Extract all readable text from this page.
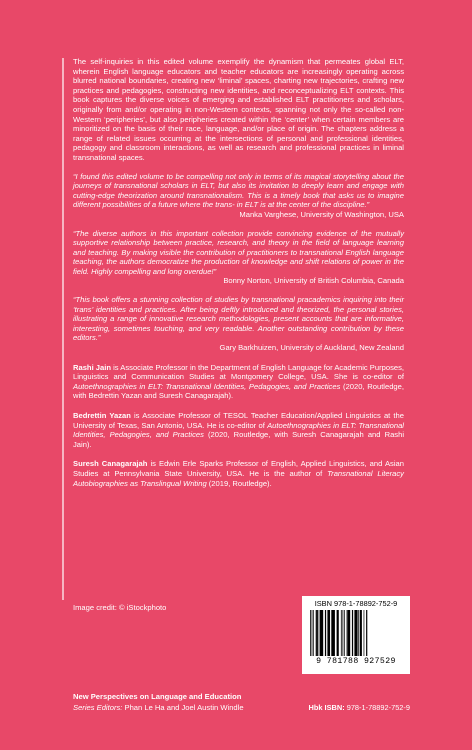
The self-inquiries in this edited volume exemplify the dynamism that permeates global ELT, wherein English language educators and teacher educators are increasingly operating across blurred national boundaries, creating new ‘liminal’ spaces, charting new trajectories, crafting new practices and pedagogies, constructing new identities, and reconceptualizing ELT contexts. This book captures the diverse voices of emerging and established ELT practitioners and scholars, originally from and/or operating in non-Western contexts, spanning not only the so-called non-Western ‘peripheries’, but also peripheries created within the ‘center’ when certain members are minoritized on the basis of their race, language, and/or place of origin. The chapters address a range of related issues occurring at the intersections of personal and professional identities, pedagogy and classroom interactions, as well as research and professional practices in liminal transnational spaces.

“I found this edited volume to be compelling not only in terms of its magical storytelling about the journeys of transnational scholars in ELT, but also its invitation to deeply learn and engage with cutting-edge theorization around transnationalism. This is a timely book that asks us to imagine different possibilities of a future where the trans- in ELT is at the center of the discipline.”

Manka Varghese, University of Washington, USA

“The diverse authors in this important collection provide convincing evidence of the mutually supportive relationship between practice, research, and theory in the field of language learning and teaching. By making visible the contribution of practitioners to transnational English language teaching, the authors democratize the production of knowledge and shift relations of power in the field. Highly compelling and long overdue!”

Bonny Norton, University of British Columbia, Canada

“This book offers a stunning collection of studies by transnational pracademics inquiring into their ‘trans’ identities and practices. After being deftly introduced and theorized, the personal stories, illustrating a range of innovative research methodologies, present accounts that are informative, interesting, sometimes touching, and very readable. Another outstanding contribution by these editors.”

Gary Barkhuizen, University of Auckland, New Zealand

Rashi Jain is Associate Professor in the Department of English Language for Academic Purposes, Linguistics and Communication Studies at Montgomery College, USA. She is co-editor of Autoethnographies in ELT: Transnational Identities, Pedagogies, and Practices (2020, Routledge, with Bedrettin Yazan and Suresh Canagarajah).

Bedrettin Yazan is Associate Professor of TESOL Teacher Education/Applied Linguistics at the University of Texas, San Antonio, USA. He is co-editor of Autoethnographies in ELT: Transnational Identities, Pedagogies, and Practices (2020, Routledge, with Suresh Canagarajah and Rashi Jain).

Suresh Canagarajah is Edwin Erle Sparks Professor of English, Applied Linguistics, and Asian Studies at Pennsylvania State University, USA. He is the author of Transnational Literacy Autobiographies as Translingual Writing (2019, Routledge).

Image credit: © iStockphoto	ISBN 978-1-78892-752-9
9 781788 927529
New Perspectives on Language and Education
Series Editors: Phan Le Ha and Joel Austin Windle	Hbk ISBN: 978-1-78892-752-9
